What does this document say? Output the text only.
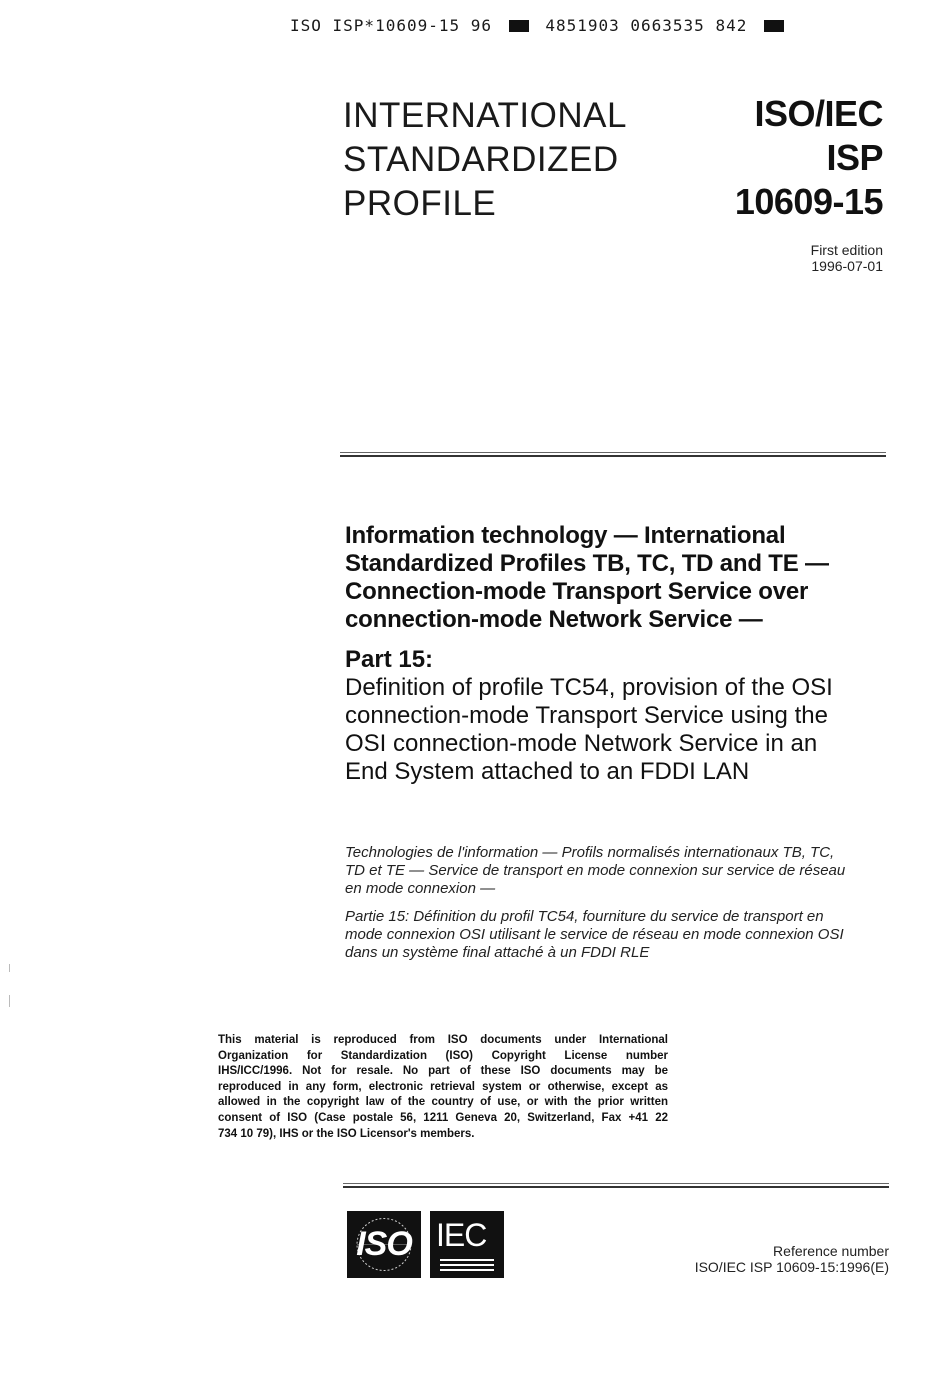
ISO ISP*10609-15 96	4851903 0663535 842
INTERNATIONAL
STANDARDIZED
PROFILE
ISO/IEC
ISP
10609-15
First edition
1996-07-01
Information technology — International
Standardized Profiles TB, TC, TD and TE —
Connection-mode Transport Service over
connection-mode Network Service —
Part 15:
Definition of profile TC54, provision of the OSI
connection-mode Transport Service using the
OSI connection-mode Network Service in an
End System attached to an FDDI LAN
Technologies de l'information — Profils normalisés internationaux TB, TC,
TD et TE — Service de transport en mode connexion sur service de réseau
en mode connexion —
Partie 15: Définition du profil TC54, fourniture du service de transport en
mode connexion OSI utilisant le service de réseau en mode connexion OSI
dans un système final attaché à un FDDI RLE
This material is reproduced from ISO documents under International
Organization for Standardization (ISO) Copyright License number
IHS/ICC/1996. Not for resale. No part of these ISO documents may be
reproduced in any form, electronic retrieval system or otherwise, except as
allowed in the copyright law of the country of use, or with the prior written
consent of ISO (Case postale 56, 1211 Geneva 20, Switzerland, Fax +41 22
734 10 79), IHS or the ISO Licensor's members.
ISO IEC	Reference number
ISO/IEC ISP 10609-15:1996(E)
